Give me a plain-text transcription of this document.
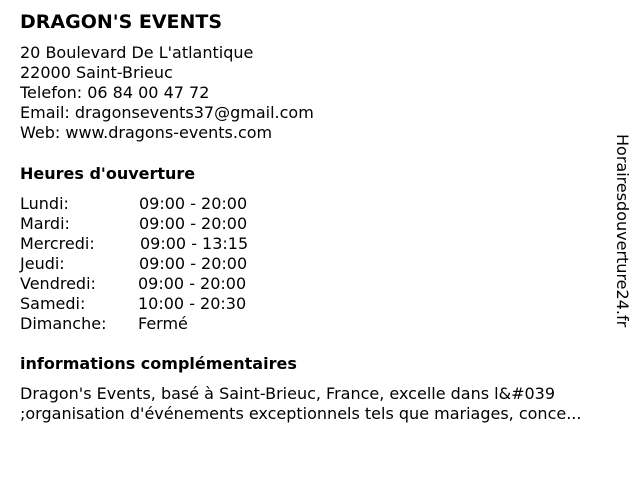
DRAGON'S EVENTS
20 Boulevard De L'atlantique
22000 Saint-Brieuc
Telefon: 06 84 00 47 72
Email: dragonsevents37@gmail.com
Web: www.dragons-events.com
Heures d'ouverture
Lundi:	09:00 - 20:00
Mardi:	09:00 - 20:00
Mercredi:	09:00 - 13:15
Jeudi:	09:00 - 20:00
Vendredi:	09:00 - 20:00
Samedi:	10:00 - 20:30
Dimanche: Fermé
informations complémentaires
Dragon's Events, basé à Saint-Brieuc, France, excelle dans l&#039
;organisation d'événements exceptionnels tels que mariages, conce...
Horairesdouverture24.fr
